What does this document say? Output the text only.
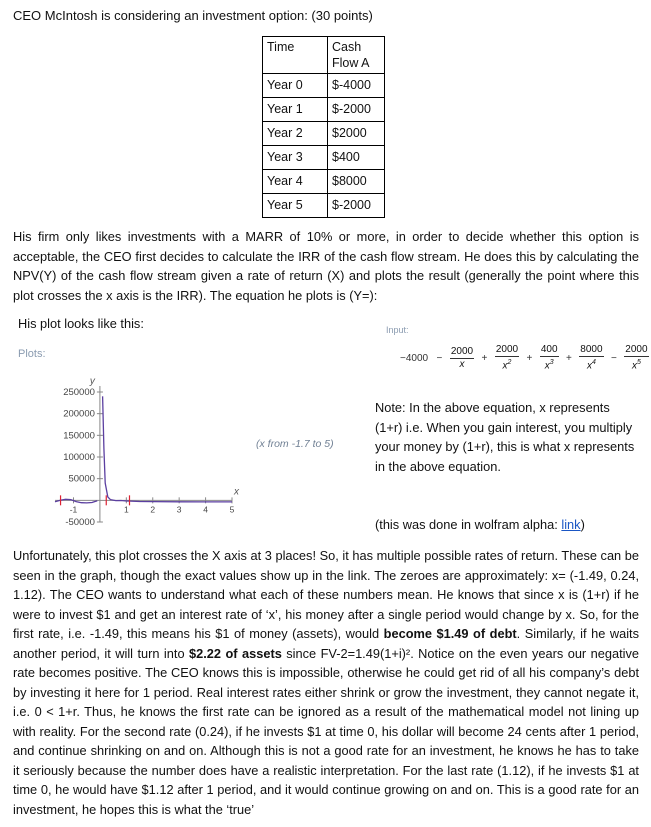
CEO McIntosh is considering an investment option: (30 points)
Time	Cash
Flow A
Year 0	$-4000
Year 1	$-2000
Year 2	$2000
Year 3	$400
Year 4	$8000
Year 5	$-2000
His firm only likes investments with a MARR of 10% or more, in order to decide whether this option is acceptable, the CEO first decides to calculate the IRR of the cash flow stream. He does this by calculating the NPV(Y) of the cash flow stream given a rate of return (X) and plots the result (generally the point where this plot crosses the x axis is the IRR). The equation he plots is (Y=):
His plot looks like this:	Input:
Plots:	$-4000 - \frac{2000}{x} + \frac{2000}{x^2} + \frac{400}{x^3} + \frac{8000}{x^4} - \frac{2000}{x^5}$
x
y
250000
200000
150000
100000
50000
-50000
-1	1	2	3	4	5
(x from -1.7 to 5)
Note: In the above equation, x represents (1+r) i.e. When you gain interest, you multiply your money by (1+r), this is what x represents in the above equation.
(this was done in wolfram alpha: link)
Unfortunately, this plot crosses the X axis at 3 places! So, it has multiple possible rates of return. These can be seen in the graph, though the exact values show up in the link. The zeroes are approximately: x= (-1.49, 0.24, 1.12). The CEO wants to understand what each of these numbers mean. He knows that since x is (1+r) if he were to invest $1 and get an interest rate of ‘x’, his money after a single period would change by x. So, for the first rate, i.e. -1.49, this means his $1 of money (assets), would become $1.49 of debt. Similarly, if he waits another period, it will turn into $2.22 of assets since FV-2=1.49(1+i)². Notice on the even years our negative rate becomes positive. The CEO knows this is impossible, otherwise he could get rid of all his company’s debt by investing it here for 1 period. Real interest rates either shrink or grow the investment, they cannot negate it, i.e. 0 < 1+r. Thus, he knows the first rate can be ignored as a result of the mathematical model not lining up with reality. For the second rate (0.24), if he invests $1 at time 0, his dollar will become 24 cents after 1 period, and continue shrinking on and on. Although this is not a good rate for an investment, he knows he has to take it seriously because the number does have a realistic interpretation. For the last rate (1.12), if he invests $1 at time 0, he would have $1.12 after 1 period, and it would continue growing on and on. This is a good rate for an investment, he hopes this is what the ‘true’
